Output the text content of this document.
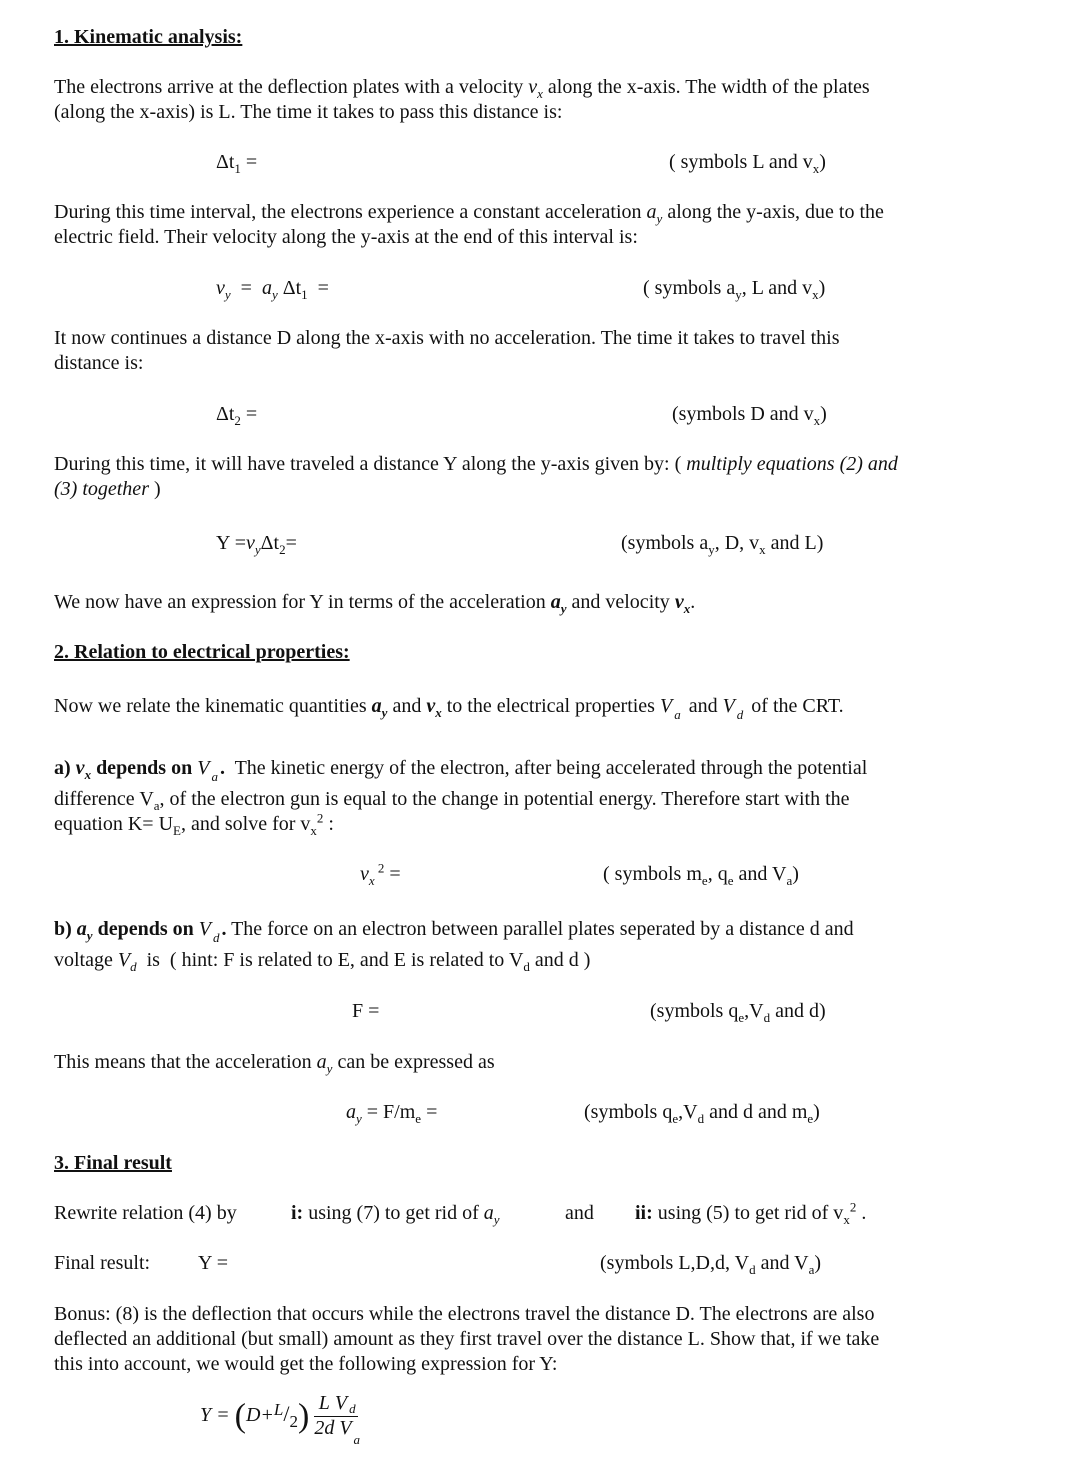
1. Kinematic analysis:
The electrons arrive at the deflection plates with a velocity $v_x$ along the x-axis. The width of the plates
(along the x-axis) is L. The time it takes to pass this distance is:
$\Delta t_1$ =	( symbols L and $v_x$)
During this time interval, the electrons experience a constant acceleration $a_y$ along the y-axis, due to the
electric field. Their velocity along the y-axis at the end of this interval is:
$v_y = a_y$ $\Delta t_1$  =	( symbols $a_y$, L and $v_x$)
It now continues a distance D along the x-axis with no acceleration. The time it takes to travel this
distance is:
$\Delta t_2$ =	(symbols D and $v_x$)
During this time, it will have traveled a distance Y along the y-axis given by: ( multiply equations (2) and
(3) together )
$Y =v_y\Delta t_2=$	(symbols $a_y$, D, $v_x$ and L)
We now have an expression for Y in terms of the acceleration $a_y$ and velocity $v_x$.
2. Relation to electrical properties:
Now we relate the kinematic quantities $a_y$ and $v_x$ to the electrical properties V $_a$  and V $_d$  of the CRT.
a) $v_x$ depends on V $_a$ .  The kinetic energy of the electron, after being accelerated through the potential
difference $V_a$, of the electron gun is equal to the change in potential energy. Therefore start with the
equation $K= U_E$, and solve for $v_x^2$ :
$v_x$ $^2$ =	( symbols $m_e$, $q_e$ and $V_a$)
b) $a_y$ depends on V $_d$ . The force on an electron between parallel plates seperated by a distance d and
voltage $V_d$  is  ( hint: F is related to E, and E is related to $V_d$ and d )
F =	(symbols $q_e,V_d$ and d)
This means that the acceleration $a_y$ can be expressed as
$a_y = F/m_e$ =	(symbols $q_e,V_d$ and d and $m_e$)
3. Final result
Rewrite relation (4) by	i: using (7) to get rid of $a_y$	and ii: using (5) to get rid of $v_x^2$ .
Final result: Y =	(symbols L,D,d, $V_d$ and $V_a$)
Bonus: (8) is the deflection that occurs while the electrons travel the distance D. The electrons are also
deflected an additional (but small) amount as they first travel over the distance L. Show that, if we take
this into account, we would get the following expression for Y:
$Y = (D+^L/_2) \frac{L V _d}{2d V_a}$
